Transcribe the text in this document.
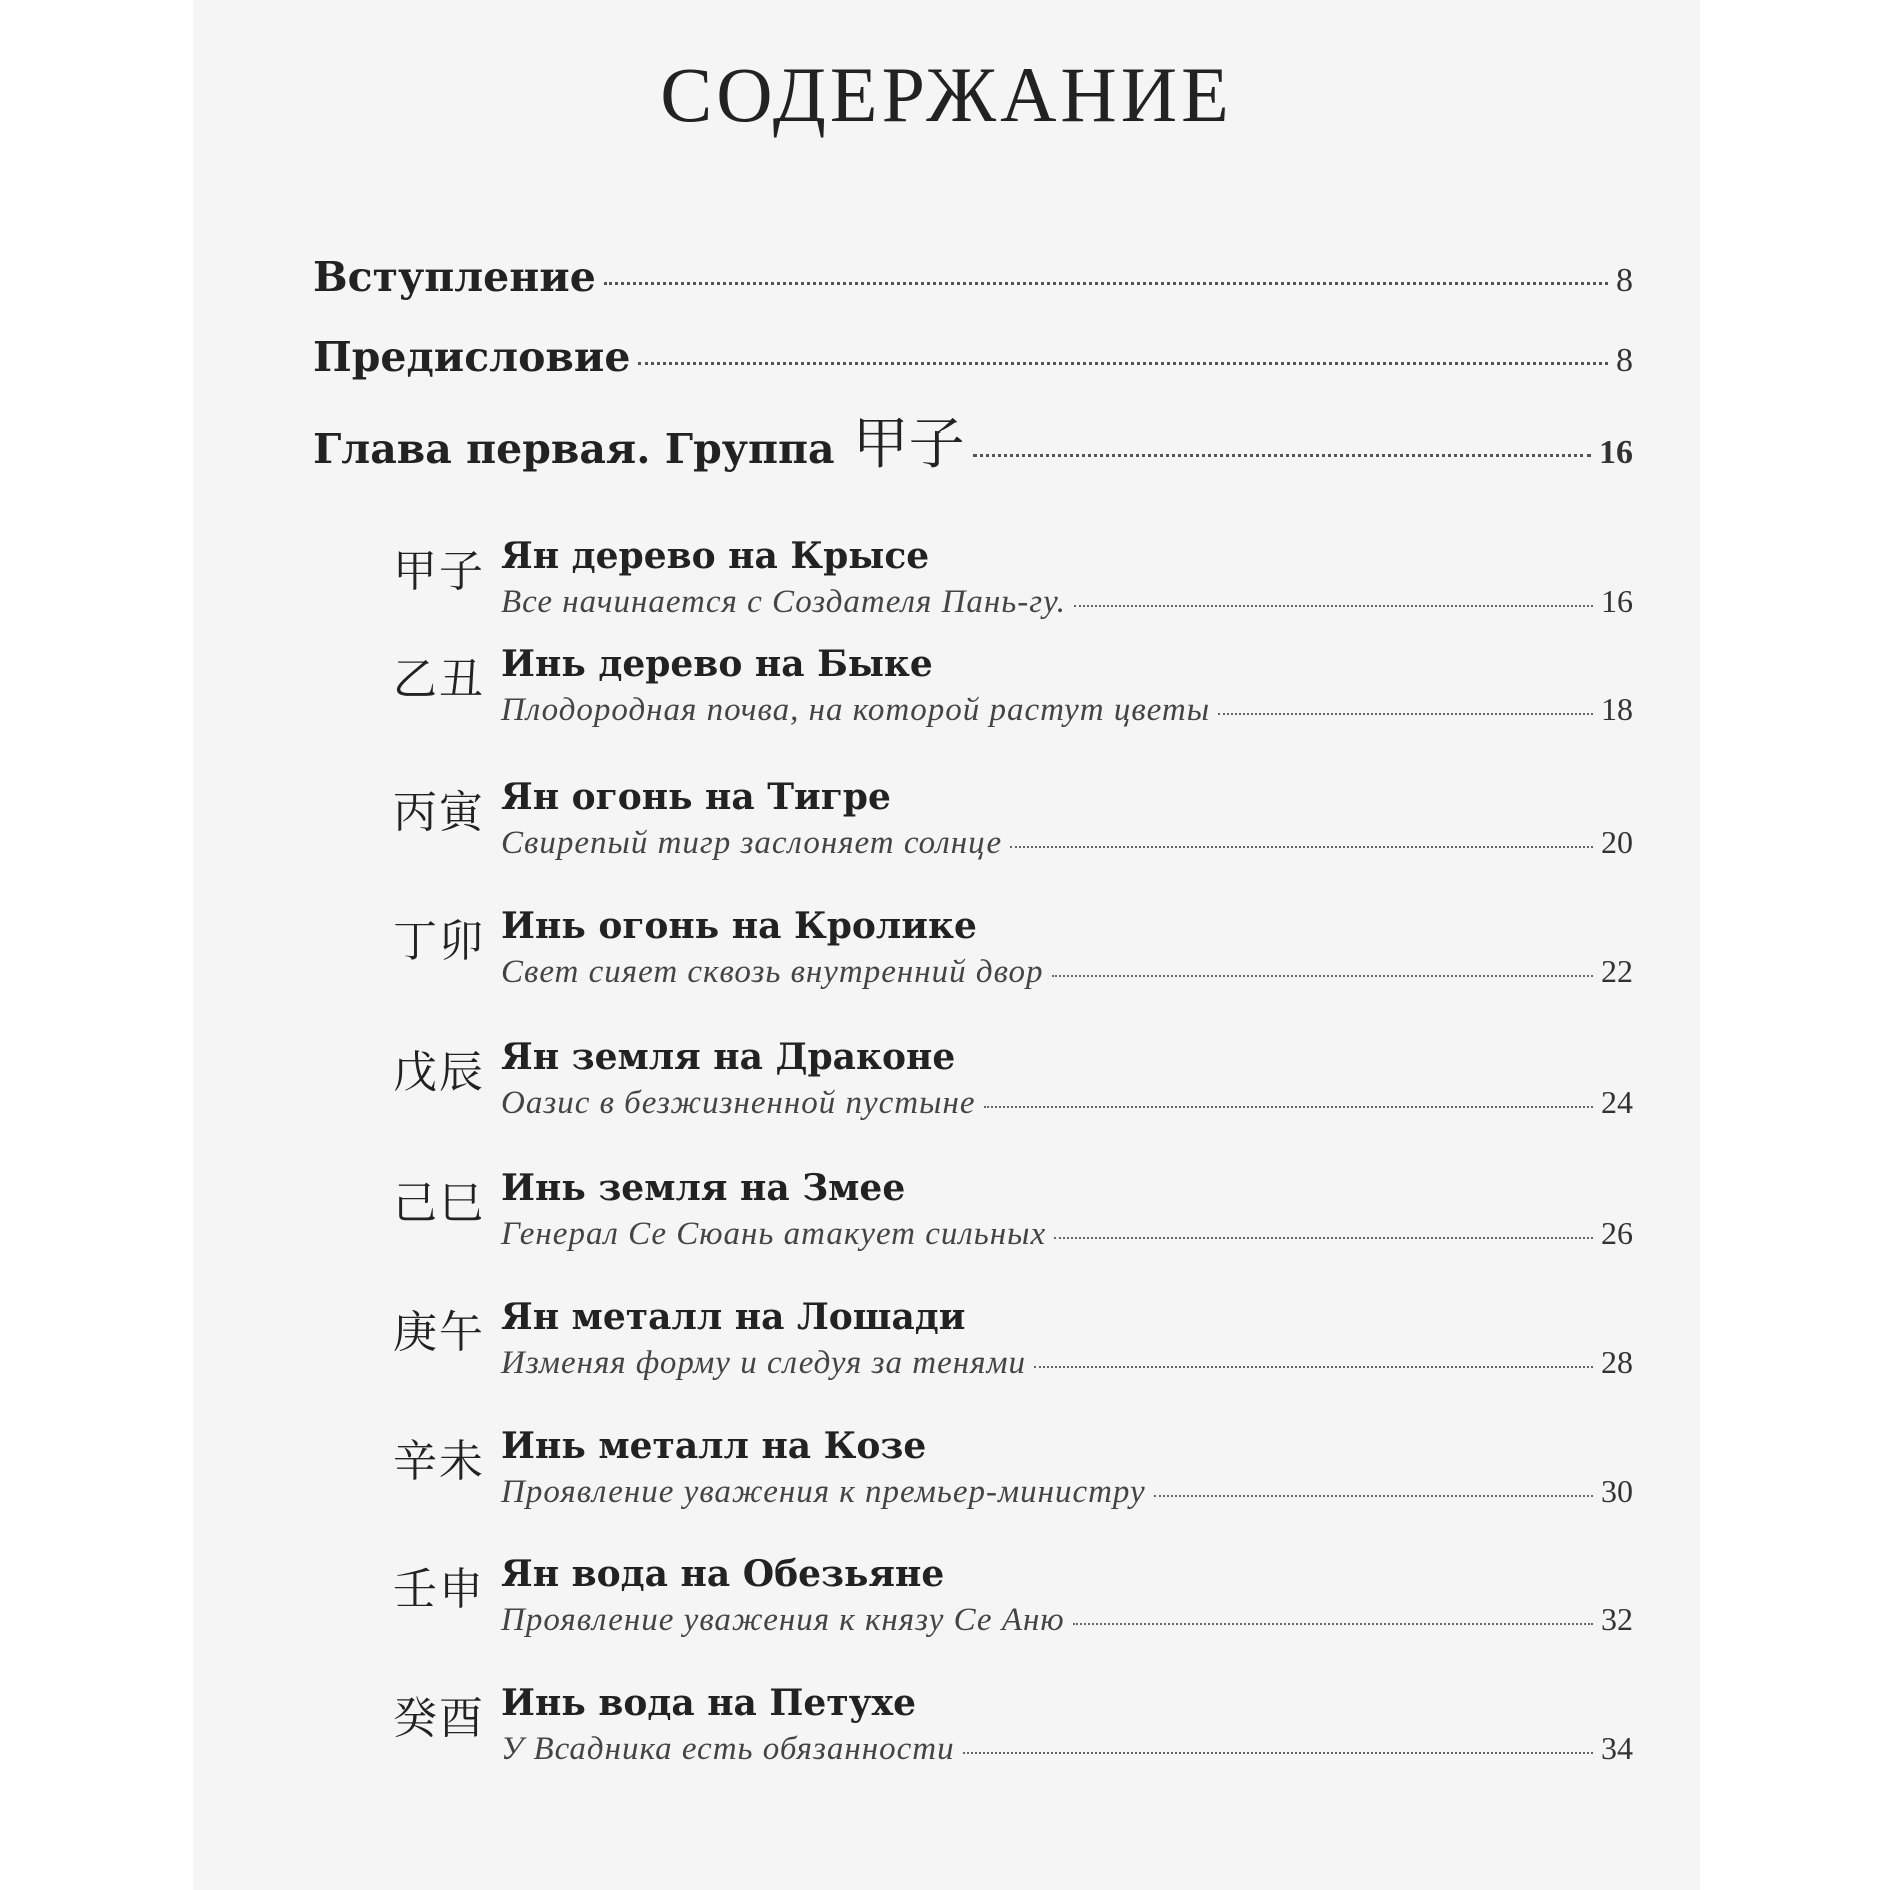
СОДЕРЖАНИЕ
Вступление	8
Предисловие	8
Глава первая. Группа 甲子	16
甲子 Ян дерево на Крысе
Все начинается с Создателя Пань-гу.	16
乙丑 Инь дерево на Быке
Плодородная почва, на которой растут цветы	18
丙寅 Ян огонь на Тигре
Свирепый тигр заслоняет солнце	20
丁卯 Инь огонь на Кролике
Свет сияет сквозь внутренний двор	22
戊辰 Ян земля на Драконе
Оазис в безжизненной пустыне	24
己巳 Инь земля на Змее
Генерал Се Сюань атакует сильных	26
庚午 Ян металл на Лошади
Изменяя форму и следуя за тенями	28
辛未 Инь металл на Козе
Проявление уважения к премьер-министру	30
壬申 Ян вода на Обезьяне
Проявление уважения к князу Се Аню	32
癸酉 Инь вода на Петухе
У Всадника есть обязанности	34
